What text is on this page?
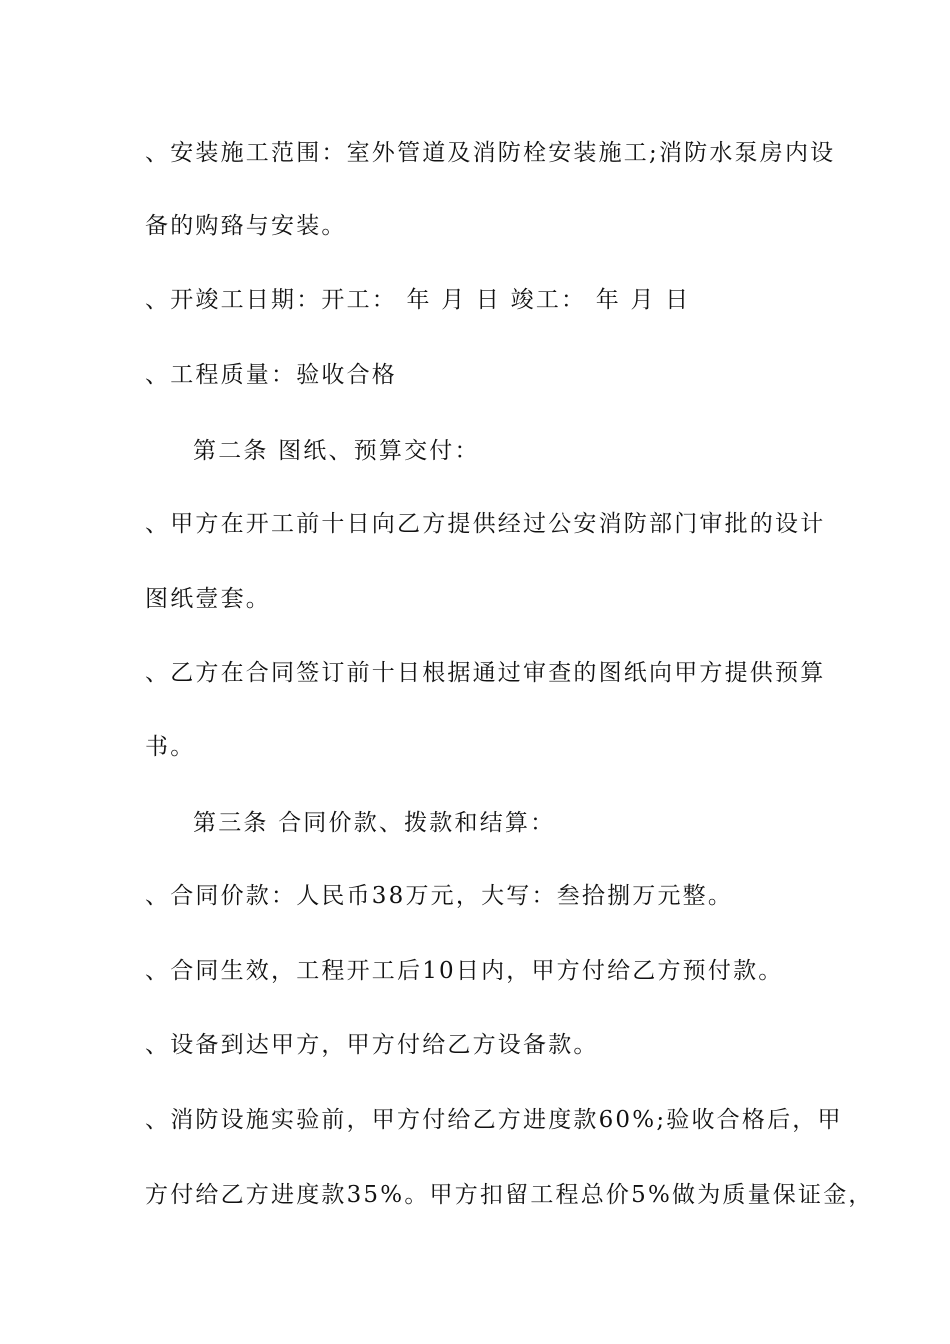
、安装施工范围：室外管道及消防栓安装施工;消防水泵房内设
备的购臵与安装。
、开竣工日期：开工： 年 月 日 竣工： 年 月 日
、工程质量：验收合格
第二条 图纸、预算交付：
、甲方在开工前十日向乙方提供经过公安消防部门审批的设计
图纸壹套。
、乙方在合同签订前十日根据通过审查的图纸向甲方提供预算
书。
第三条 合同价款、拨款和结算：
、合同价款：人民币38万元，大写：叁拾捌万元整。
、合同生效，工程开工后10日内，甲方付给乙方预付款。
、设备到达甲方，甲方付给乙方设备款。
、消防设施实验前，甲方付给乙方进度款60%;验收合格后，甲
方付给乙方进度款35%。甲方扣留工程总价5%做为质量保证金，
